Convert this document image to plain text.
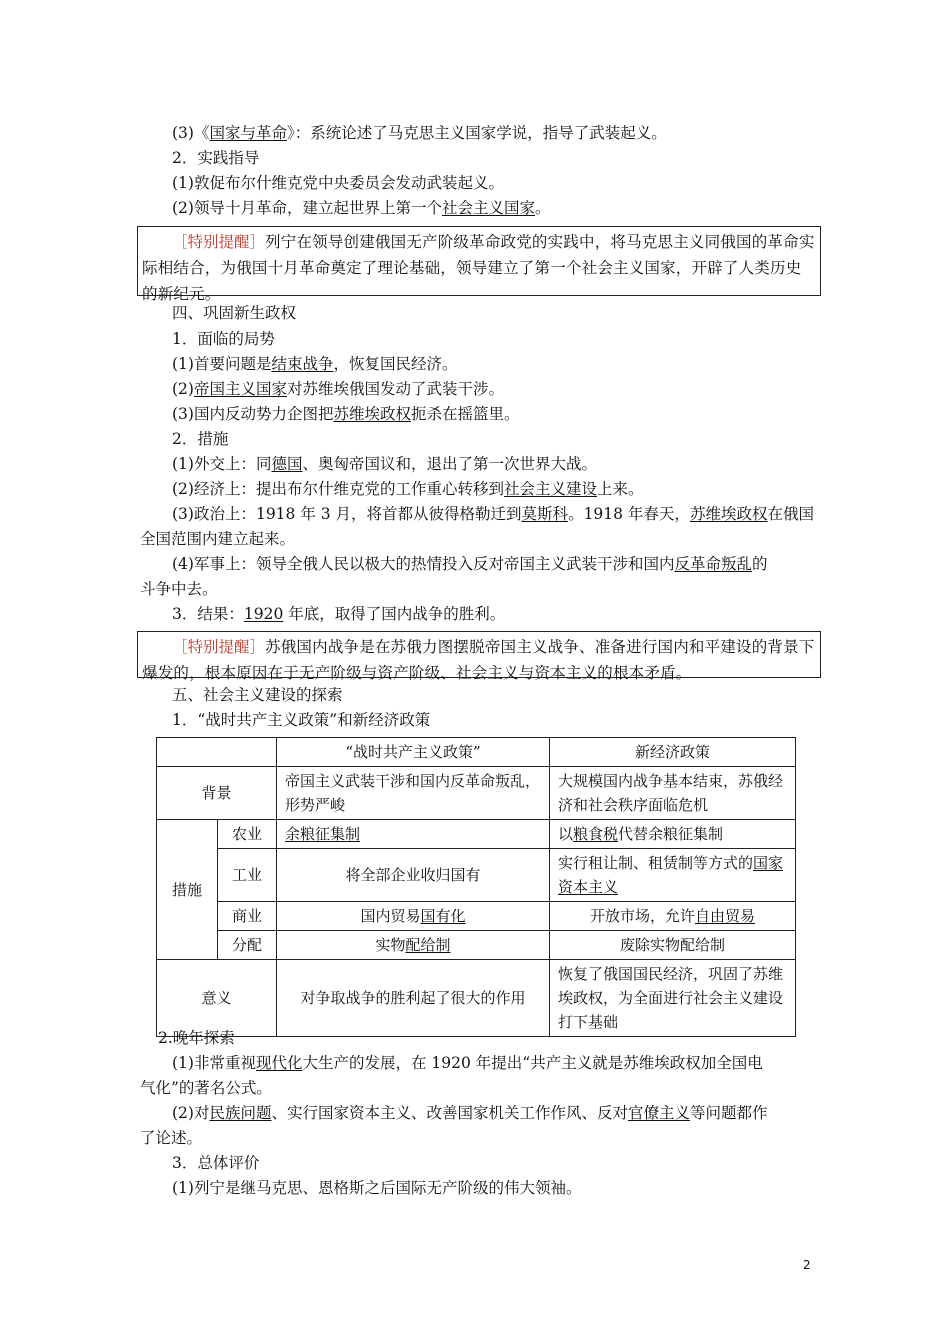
(3)《国家与革命》：系统论述了马克思主义国家学说，指导了武装起义。
2．实践指导
(1)敦促布尔什维克党中央委员会发动武装起义。
(2)领导十月革命，建立起世界上第一个社会主义国家。
［特别提醒］列宁在领导创建俄国无产阶级革命政党的实践中，将马克思主义同俄国的革命实际相结合，为俄国十月革命奠定了理论基础，领导建立了第一个社会主义国家，开辟了人类历史的新纪元。
四、巩固新生政权
1．面临的局势
(1)首要问题是结束战争，恢复国民经济。
(2)帝国主义国家对苏维埃俄国发动了武装干涉。
(3)国内反动势力企图把苏维埃政权扼杀在摇篮里。
2．措施
(1)外交上：同德国、奥匈帝国议和，退出了第一次世界大战。
(2)经济上：提出布尔什维克党的工作重心转移到社会主义建设上来。
(3)政治上：1918 年 3 月，将首都从彼得格勒迁到莫斯科。1918 年春天，苏维埃政权在俄国
全国范围内建立起来。
(4)军事上：领导全俄人民以极大的热情投入反对帝国主义武装干涉和国内反革命叛乱的
斗争中去。
3．结果：1920 年底，取得了国内战争的胜利。
［特别提醒］苏俄国内战争是在苏俄力图摆脱帝国主义战争、准备进行国内和平建设的背景下爆发的，根本原因在于无产阶级与资产阶级、社会主义与资本主义的根本矛盾。
五、社会主义建设的探索
1．“战时共产主义政策”和新经济政策
		“战时共产主义政策”	新经济政策
背景		帝国主义武装干涉和国内反革命叛乱，形势严峻	大规模国内战争基本结束，苏俄经济和社会秩序面临危机
措施	农业	余粮征集制	以粮食税代替余粮征集制
	工业	将全部企业收归国有	实行租让制、租赁制等方式的国家资本主义
	商业	国内贸易国有化	开放市场，允许自由贸易
	分配	实物配给制	废除实物配给制
意义		对争取战争的胜利起了很大的作用	恢复了俄国国民经济，巩固了苏维埃政权，为全面进行社会主义建设打下基础
2.晚年探索
(1)非常重视现代化大生产的发展，在 1920 年提出“共产主义就是苏维埃政权加全国电
气化”的著名公式。
(2)对民族问题、实行国家资本主义、改善国家机关工作作风、反对官僚主义等问题都作
了论述。
3．总体评价
(1)列宁是继马克思、恩格斯之后国际无产阶级的伟大领袖。
2
